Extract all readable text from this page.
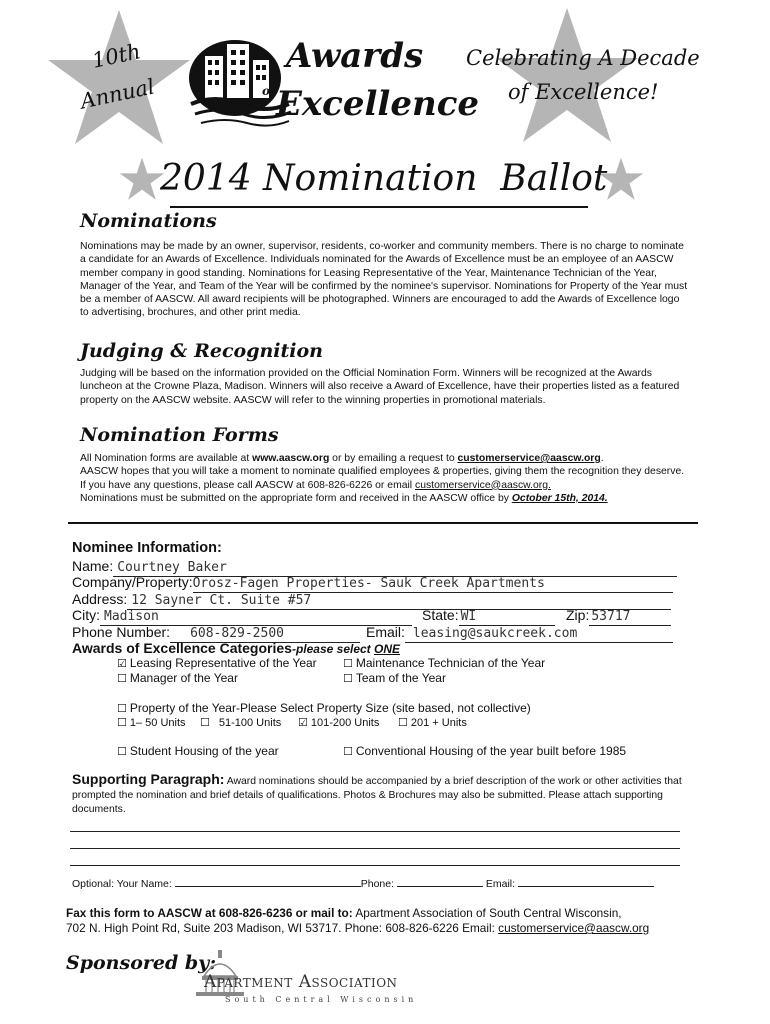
10th
Annual
Awards
of Excellence
Celebrating A Decade
of Excellence!
2014 Nomination  Ballot
Nominations
Nominations may be made by an owner, supervisor, residents, co-worker and community members. There is no charge to nominate a candidate for an Awards of Excellence. Individuals nominated for the Awards of Excellence must be an employee of an AASCW member company in good standing. Nominations for Leasing Representative of the Year, Maintenance Technician of the Year, Manager of the Year, and Team of the Year will be confirmed by the nominee's supervisor. Nominations for Property of the Year must be a member of AASCW. All award recipients will be photographed. Winners are encouraged to add the Awards of Excellence logo to advertising, brochures, and other print media.
Judging & Recognition
Judging will be based on the information provided on the Official Nomination Form. Winners will be recognized at the Awards luncheon at the Crowne Plaza, Madison. Winners will also receive a Award of Excellence, have their properties listed as a featured property on the AASCW website. AASCW will refer to the winning properties in promotional materials.
Nomination Forms
All Nomination forms are available at www.aascw.org or by emailing a request to customerservice@aascw.org.
AASCW hopes that you will take a moment to nominate qualified employees & properties, giving them the recognition they deserve. If you have any questions, please call AASCW at 608-826-6226 or email customerservice@aascw.org.
Nominations must be submitted on the appropriate form and received in the AASCW office by October 15th, 2014.
Nominee Information:
Name: Courtney Baker
Company/Property:Orosz-Fagen Properties- Sauk Creek Apartments
Address: 12 Sayner Ct. Suite #57
City: Madison	State: WI	Zip: 53717
Phone Number: 608-829-2500	Email: leasing@saukcreek.com
Awards of Excellence Categories-please select ONE
☑ Leasing Representative of the Year ☐ Maintenance Technician of the Year
☐ Manager of the Year	☐ Team of the Year
☐ Property of the Year-Please Select Property Size (site based, not collective)
☐ 1– 50 Units ☐ 51-100 Units ☑ 101-200 Units ☐ 201 + Units
☐ Student Housing of the year	☐ Conventional Housing of the year built before 1985
Supporting Paragraph: Award nominations should be accompanied by a brief description of the work or other activities that prompted the nomination and brief details of qualifications. Photos & Brochures may also be submitted. Please attach supporting documents.
Optional: Your Name:	Phone:	Email:
Fax this form to AASCW at 608-826-6236 or mail to: Apartment Association of South Central Wisconsin,
702 N. High Point Rd, Suite 203 Madison, WI 53717. Phone: 608-826-6226 Email: customerservice@aascw.org
Sponsored by:
Apartment Association
South Central Wisconsin
